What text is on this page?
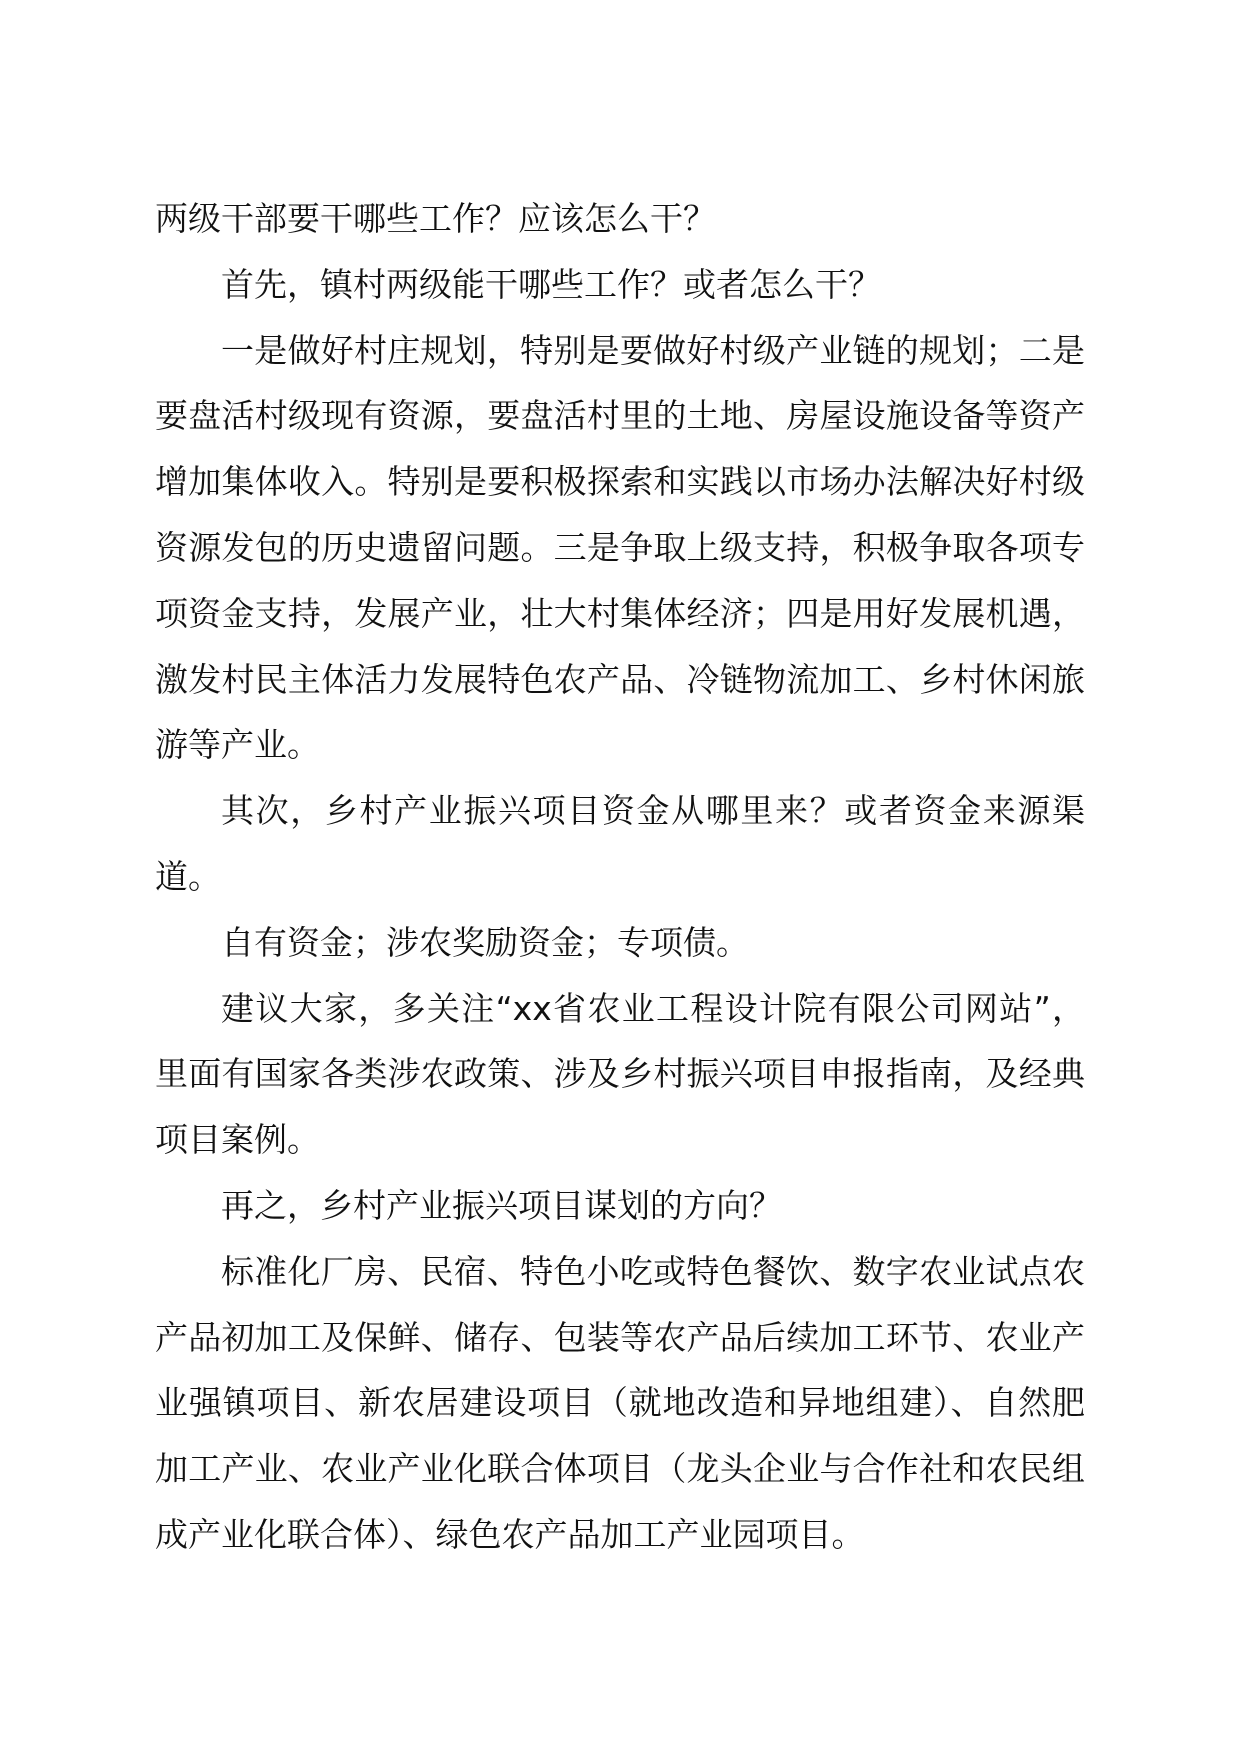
两级干部要干哪些工作？应该怎么干？

首先，镇村两级能干哪些工作？或者怎么干？

一是做好村庄规划，特别是要做好村级产业链的规划；二是要盘活村级现有资源，要盘活村里的土地、房屋设施设备等资产增加集体收入。特别是要积极探索和实践以市场办法解决好村级资源发包的历史遗留问题。三是争取上级支持，积极争取各项专项资金支持，发展产业，壮大村集体经济；四是用好发展机遇，激发村民主体活力发展特色农产品、冷链物流加工、乡村休闲旅游等产业。

其次，乡村产业振兴项目资金从哪里来？或者资金来源渠道。

自有资金；涉农奖励资金；专项债。

建议大家，多关注“xx省农业工程设计院有限公司网站”，里面有国家各类涉农政策、涉及乡村振兴项目申报指南，及经典项目案例。

再之，乡村产业振兴项目谋划的方向？

标准化厂房、民宿、特色小吃或特色餐饮、数字农业试点农产品初加工及保鲜、储存、包装等农产品后续加工环节、农业产业强镇项目、新农居建设项目（就地改造和异地组建）、自然肥加工产业、农业产业化联合体项目（龙头企业与合作社和农民组成产业化联合体）、绿色农产品加工产业园项目。
